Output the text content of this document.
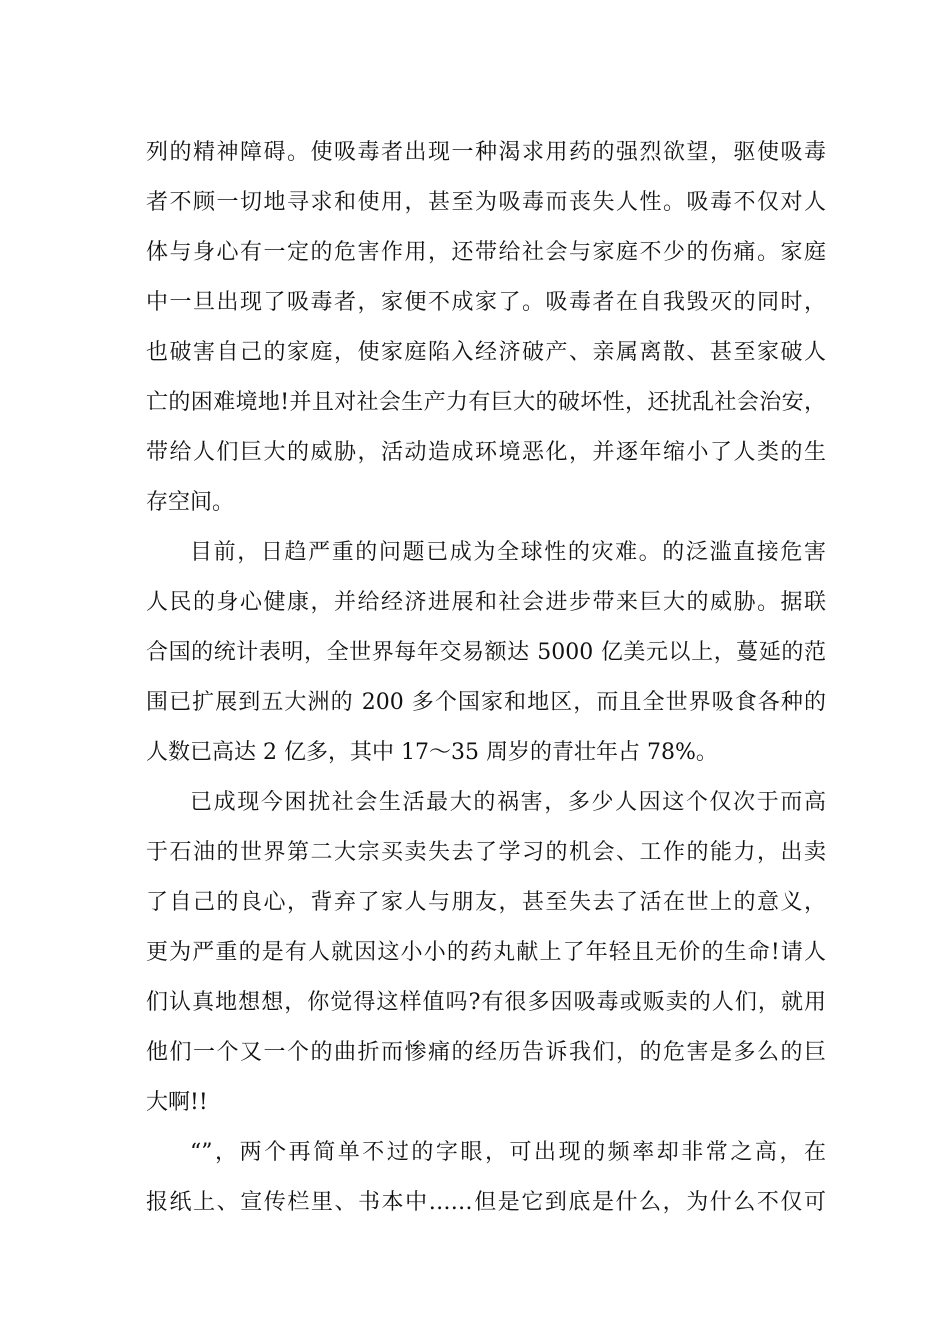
列的精神障碍。使吸毒者出现一种渴求用药的强烈欲望，驱使吸毒
者不顾一切地寻求和使用，甚至为吸毒而丧失人性。吸毒不仅对人
体与身心有一定的危害作用，还带给社会与家庭不少的伤痛。家庭
中一旦出现了吸毒者，家便不成家了。吸毒者在自我毁灭的同时，
也破害自己的家庭，使家庭陷入经济破产、亲属离散、甚至家破人
亡的困难境地!并且对社会生产力有巨大的破坏性，还扰乱社会治安，
带给人们巨大的威胁，活动造成环境恶化，并逐年缩小了人类的生
存空间。
目前，日趋严重的问题已成为全球性的灾难。的泛滥直接危害
人民的身心健康，并给经济进展和社会进步带来巨大的威胁。据联
合国的统计表明，全世界每年交易额达 5000 亿美元以上，蔓延的范
围已扩展到五大洲的 200 多个国家和地区，而且全世界吸食各种的
人数已高达 2 亿多，其中 17～35 周岁的青壮年占 78%。
已成现今困扰社会生活最大的祸害，多少人因这个仅次于而高
于石油的世界第二大宗买卖失去了学习的机会、工作的能力，出卖
了自己的良心，背弃了家人与朋友，甚至失去了活在世上的意义，
更为严重的是有人就因这小小的药丸献上了年轻且无价的生命!请人
们认真地想想，你觉得这样值吗?有很多因吸毒或贩卖的人们，就用
他们一个又一个的曲折而惨痛的经历告诉我们，的危害是多么的巨
大啊!!
“”，两个再简单不过的字眼，可出现的频率却非常之高，在
报纸上、宣传栏里、书本中……但是它到底是什么，为什么不仅可
